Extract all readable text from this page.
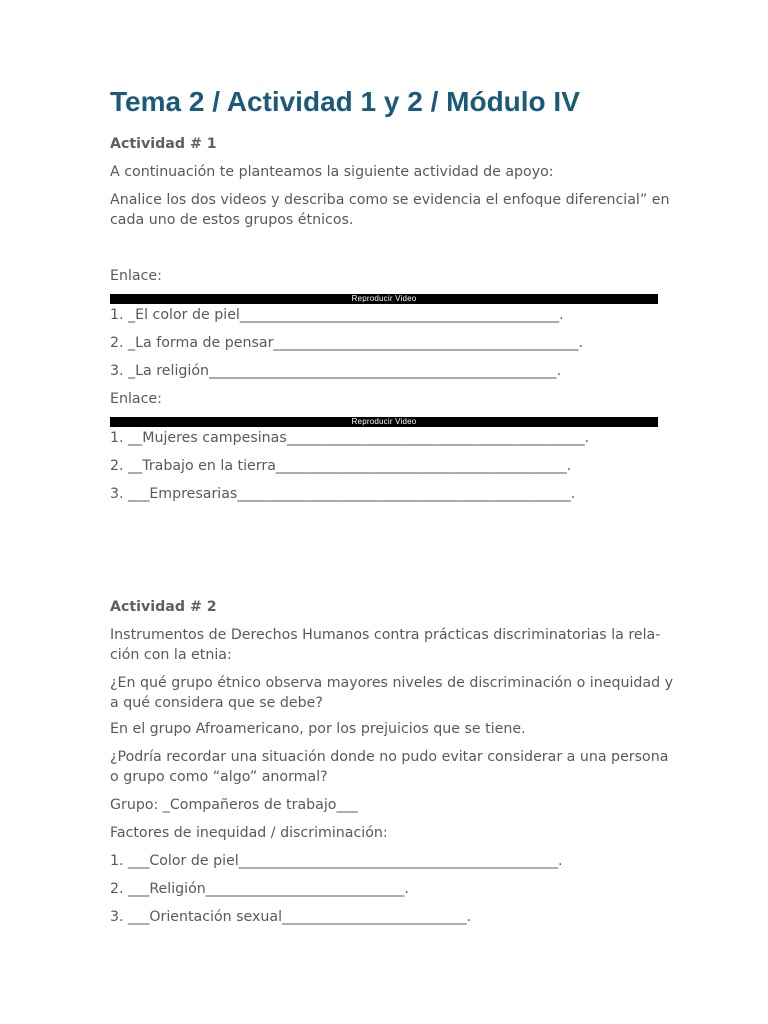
Tema 2 / Actividad 1 y 2 / Módulo IV

Actividad # 1

A continuación te planteamos la siguiente actividad de apoyo:

Analice los dos videos y describa como se evidencia el enfoque diferencial” en

cada uno de estos grupos étnicos.

Enlace:

Reproducir Video

1. _El color de piel_____________________________________________.

2. _La forma de pensar___________________________________________.

3. _La religión_________________________________________________.

Enlace:

Reproducir Video

1. __Mujeres campesinas__________________________________________.

2. __Trabajo en la tierra_________________________________________.

3. ___Empresarias_______________________________________________.

Actividad # 2

Instrumentos de Derechos Humanos contra prácticas discriminatorias la rela-

ción con la etnia:

¿En qué grupo étnico observa mayores niveles de discriminación o inequidad y

a qué considera que se debe?

En el grupo Afroamericano, por los prejuicios que se tiene.

¿Podría recordar una situación donde no pudo evitar considerar a una persona

o grupo como “algo” anormal?

Grupo: _Compañeros de trabajo___

Factores de inequidad / discriminación:

1. ___Color de piel_____________________________________________.

2. ___Religión____________________________.

3. ___Orientación sexual__________________________.
